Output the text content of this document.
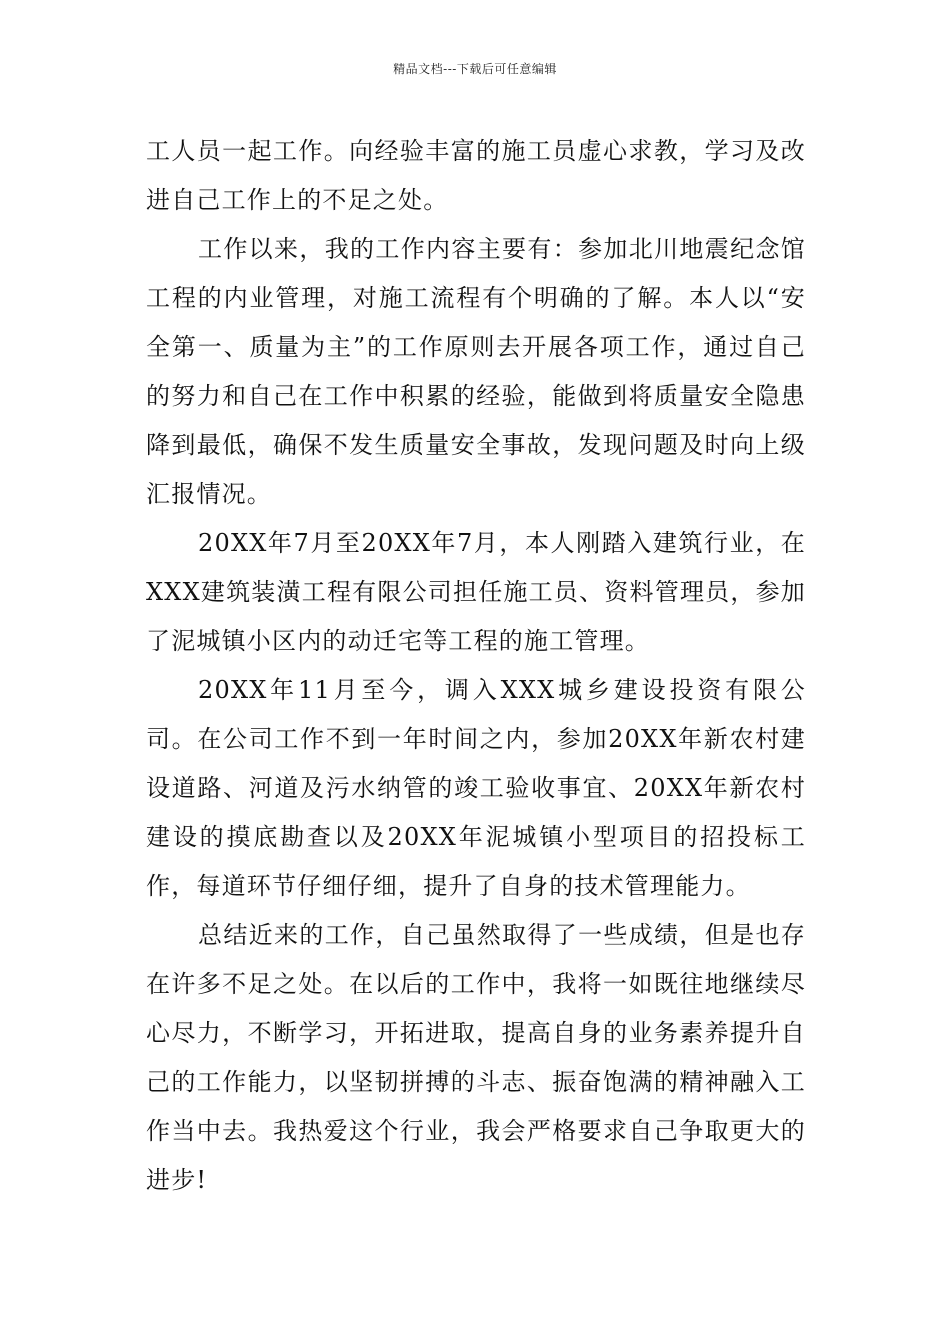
精品文档---下载后可任意编辑

工人员一起工作。向经验丰富的施工员虚心求教，学习及改进自己工作上的不足之处。

工作以来，我的工作内容主要有：参加北川地震纪念馆工程的内业管理，对施工流程有个明确的了解。本人以“安全第一、质量为主”的工作原则去开展各项工作，通过自己的努力和自己在工作中积累的经验，能做到将质量安全隐患降到最低，确保不发生质量安全事故，发现问题及时向上级汇报情况。

20XX年7月至20XX年7月，本人刚踏入建筑行业，在XXX建筑装潢工程有限公司担任施工员、资料管理员，参加了泥城镇小区内的动迁宅等工程的施工管理。

20XX年11月至今，调入XXX城乡建设投资有限公司。在公司工作不到一年时间之内，参加20XX年新农村建设道路、河道及污水纳管的竣工验收事宜、20XX年新农村建设的摸底勘查以及20XX年泥城镇小型项目的招投标工作，每道环节仔细仔细，提升了自身的技术管理能力。

总结近来的工作，自己虽然取得了一些成绩，但是也存在许多不足之处。在以后的工作中，我将一如既往地继续尽心尽力，不断学习，开拓进取，提高自身的业务素养提升自己的工作能力，以坚韧拼搏的斗志、振奋饱满的精神融入工作当中去。我热爱这个行业，我会严格要求自己争取更大的进步!
